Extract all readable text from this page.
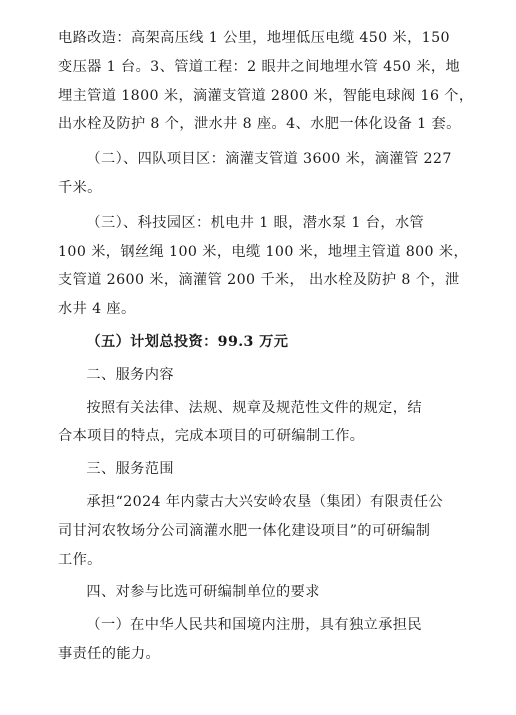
电路改造：高架高压线 1 公里，地埋低压电缆 450 米，150
变压器 1 台。3、管道工程：2 眼井之间地埋水管 450 米，地
埋主管道 1800 米，滴灌支管道 2800 米，智能电球阀 16 个，
出水栓及防护 8 个，泄水井 8 座。4、水肥一体化设备 1 套。

（二）、四队项目区：滴灌支管道 3600 米，滴灌管 227
千米。

（三）、科技园区：机电井 1 眼，潜水泵 1 台，水管
100 米，钢丝绳 100 米，电缆 100 米，地埋主管道 800 米，
支管道 2600 米，滴灌管 200 千米， 出水栓及防护 8 个，泄
水井 4 座。

（五）计划总投资：99.3 万元

二、服务内容

按照有关法律、法规、规章及规范性文件的规定，结
合本项目的特点，完成本项目的可研编制工作。

三、服务范围

承担“2024 年内蒙古大兴安岭农垦（集团）有限责任公
司甘河农牧场分公司滴灌水肥一体化建设项目”的可研编制
工作。

四、对参与比选可研编制单位的要求

（一）在中华人民共和国境内注册，具有独立承担民
事责任的能力。
